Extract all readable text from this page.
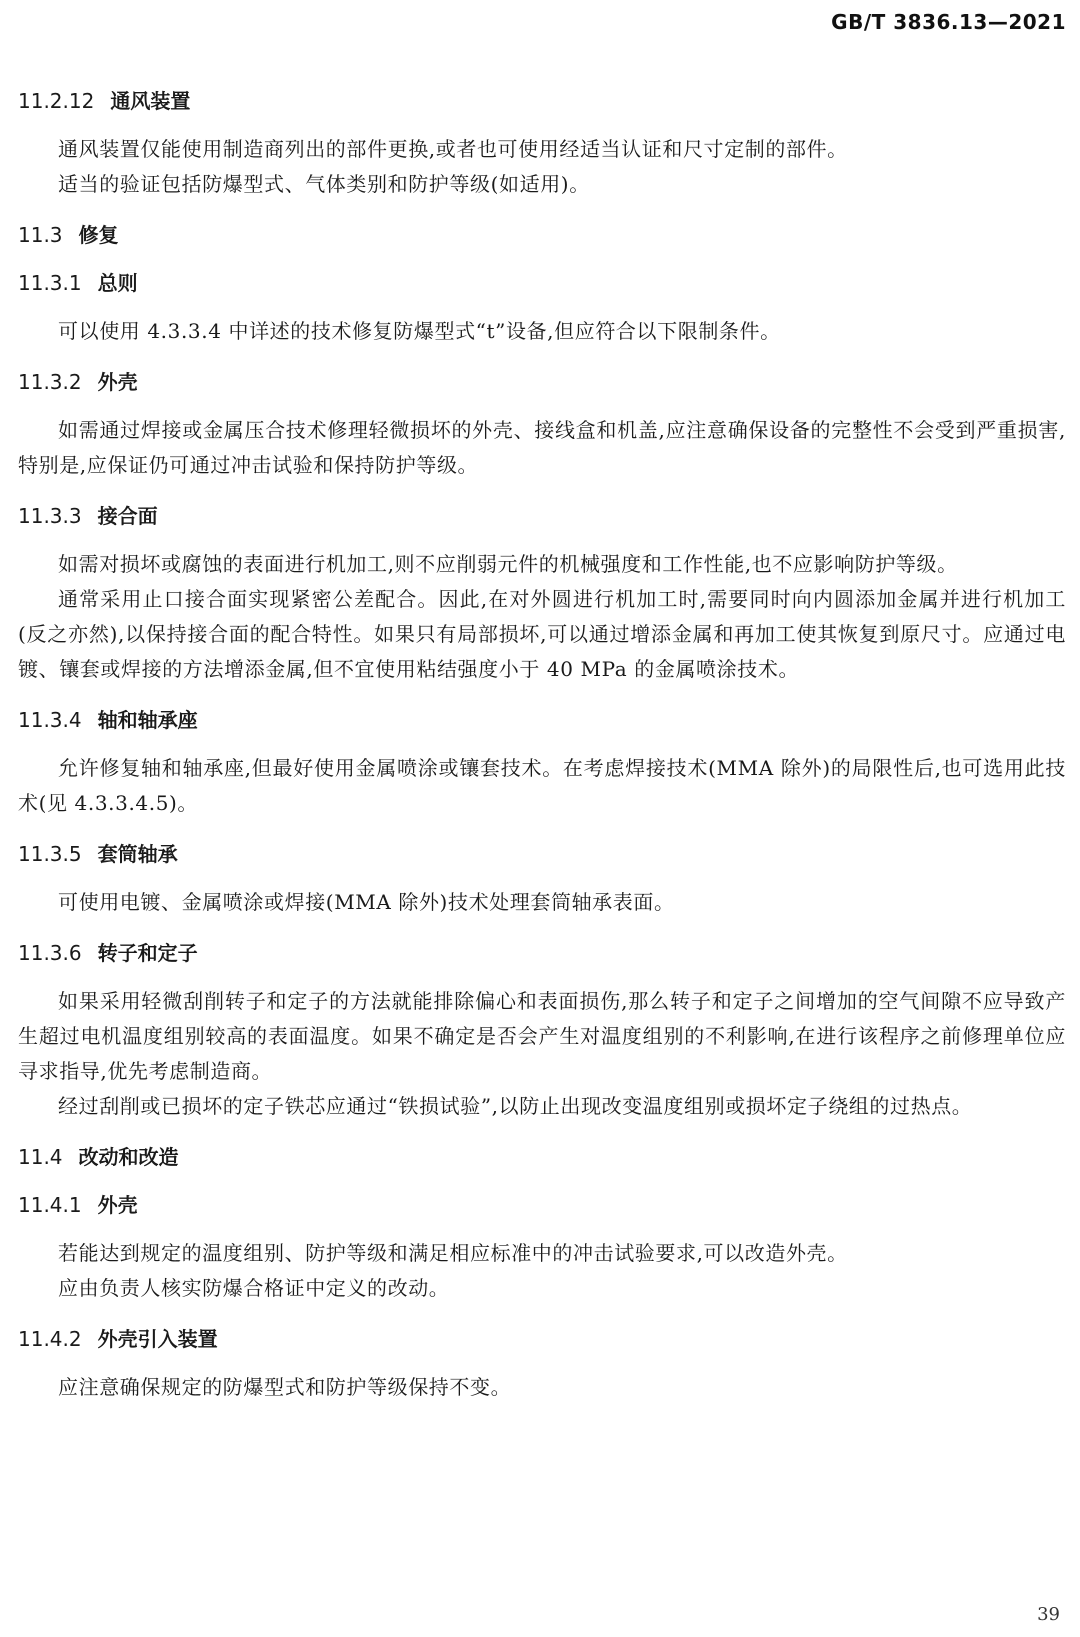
GB/T 3836.13—2021
11.2.12 通风装置

通风装置仅能使用制造商列出的部件更换,或者也可使用经适当认证和尺寸定制的部件。

适当的验证包括防爆型式、气体类别和防护等级(如适用)。

11.3 修复
11.3.1 总则

可以使用 4.3.3.4 中详述的技术修复防爆型式“t”设备,但应符合以下限制条件。

11.3.2 外壳

如需通过焊接或金属压合技术修理轻微损坏的外壳、接线盒和机盖,应注意确保设备的完整性不会受到严重损害,特别是,应保证仍可通过冲击试验和保持防护等级。

11.3.3 接合面

如需对损坏或腐蚀的表面进行机加工,则不应削弱元件的机械强度和工作性能,也不应影响防护等级。

通常采用止口接合面实现紧密公差配合。因此,在对外圆进行机加工时,需要同时向内圆添加金属并进行机加工(反之亦然),以保持接合面的配合特性。如果只有局部损坏,可以通过增添金属和再加工使其恢复到原尺寸。应通过电镀、镶套或焊接的方法增添金属,但不宜使用粘结强度小于 40 MPa 的金属喷涂技术。

11.3.4 轴和轴承座

允许修复轴和轴承座,但最好使用金属喷涂或镶套技术。在考虑焊接技术(MMA 除外)的局限性后,也可选用此技术(见 4.3.3.4.5)。

11.3.5 套筒轴承

可使用电镀、金属喷涂或焊接(MMA 除外)技术处理套筒轴承表面。

11.3.6 转子和定子

如果采用轻微刮削转子和定子的方法就能排除偏心和表面损伤,那么转子和定子之间增加的空气间隙不应导致产生超过电机温度组别较高的表面温度。如果不确定是否会产生对温度组别的不利影响,在进行该程序之前修理单位应寻求指导,优先考虑制造商。

经过刮削或已损坏的定子铁芯应通过“铁损试验”,以防止出现改变温度组别或损坏定子绕组的过热点。

11.4 改动和改造
11.4.1 外壳

若能达到规定的温度组别、防护等级和满足相应标准中的冲击试验要求,可以改造外壳。

应由负责人核实防爆合格证中定义的改动。

11.4.2 外壳引入装置

应注意确保规定的防爆型式和防护等级保持不变。

39
